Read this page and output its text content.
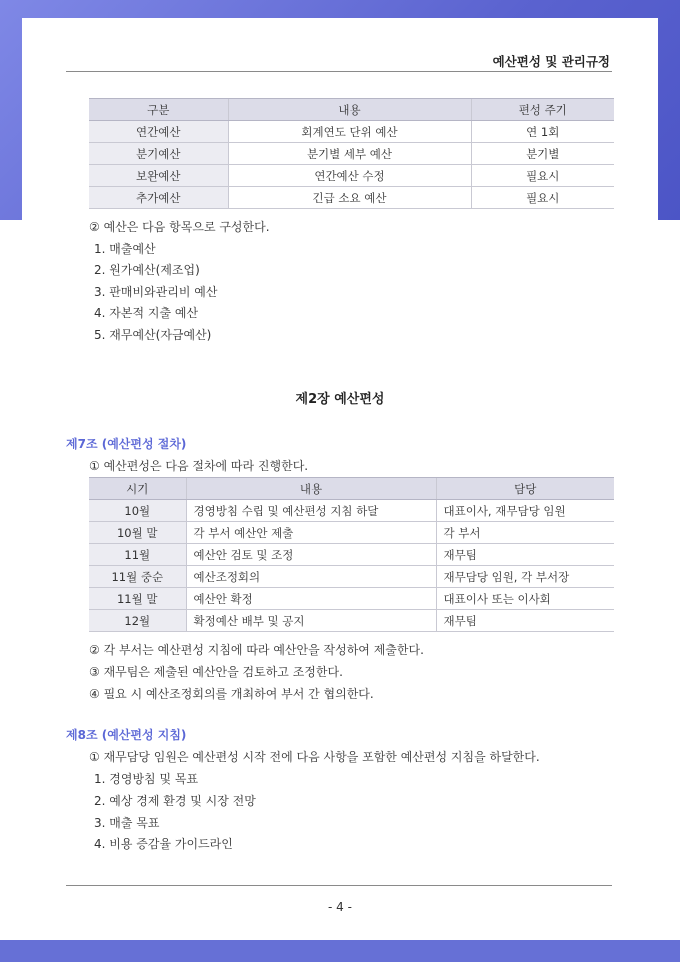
예산편성 및 관리규정
구분	내용	편성 주기
연간예산	회계연도 단위 예산	연 1회
분기예산	분기별 세부 예산	분기별
보완예산	연간예산 수정	필요시
추가예산	긴급 소요 예산	필요시
② 예산은 다음 항목으로 구성한다.
1. 매출예산
2. 원가예산(제조업)
3. 판매비와관리비 예산
4. 자본적 지출 예산
5. 재무예산(자금예산)
제2장 예산편성
제7조 (예산편성 절차)
① 예산편성은 다음 절차에 따라 진행한다.
시기	내용	담당
10월	경영방침 수립 및 예산편성 지침 하달	대표이사, 재무담당 임원
10월 말	각 부서 예산안 제출	각 부서
11월	예산안 검토 및 조정	재무팀
11월 중순	예산조정회의	재무담당 임원, 각 부서장
11월 말	예산안 확정	대표이사 또는 이사회
12월	확정예산 배부 및 공지	재무팀
② 각 부서는 예산편성 지침에 따라 예산안을 작성하여 제출한다.
③ 재무팀은 제출된 예산안을 검토하고 조정한다.
④ 필요 시 예산조정회의를 개최하여 부서 간 협의한다.
제8조 (예산편성 지침)
① 재무담당 임원은 예산편성 시작 전에 다음 사항을 포함한 예산편성 지침을 하달한다.
1. 경영방침 및 목표
2. 예상 경제 환경 및 시장 전망
3. 매출 목표
4. 비용 증감율 가이드라인
- 4 -
